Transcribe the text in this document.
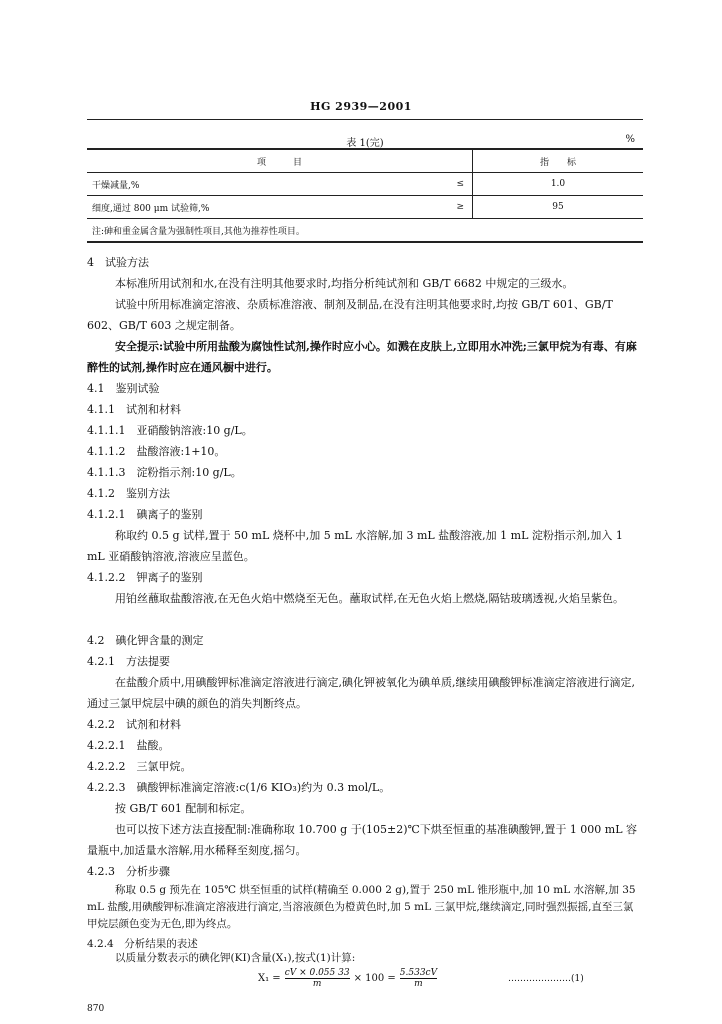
HG 2939—2001
表 1(完)	%
项　　　目		指　　标
干燥减量,%	≤	1.0
细度,通过 800 μm 试验筛,%	≥	95
注:砷和重金属含量为强制性项目,其他为推荐性项目。		
4　试验方法
本标准所用试剂和水,在没有注明其他要求时,均指分析纯试剂和 GB/T 6682 中规定的三级水。
试验中所用标准滴定溶液、杂质标准溶液、制剂及制品,在没有注明其他要求时,均按 GB/T 601、GB/T 602、GB/T 603 之规定制备。
安全提示:试验中所用盐酸为腐蚀性试剂,操作时应小心。如溅在皮肤上,立即用水冲洗;三氯甲烷为有毒、有麻醉性的试剂,操作时应在通风橱中进行。
4.1　鉴别试验
4.1.1　试剂和材料
4.1.1.1　亚硝酸钠溶液:10 g/L。
4.1.1.2　盐酸溶液:1+10。
4.1.1.3　淀粉指示剂:10 g/L。
4.1.2　鉴别方法
4.1.2.1　碘离子的鉴别
称取约 0.5 g 试样,置于 50 mL 烧杯中,加 5 mL 水溶解,加 3 mL 盐酸溶液,加 1 mL 淀粉指示剂,加入 1 mL 亚硝酸钠溶液,溶液应呈蓝色。
4.1.2.2　钾离子的鉴别
用铂丝蘸取盐酸溶液,在无色火焰中燃烧至无色。蘸取试样,在无色火焰上燃烧,隔钴玻璃透视,火焰呈紫色。
4.2　碘化钾含量的测定
4.2.1　方法提要
在盐酸介质中,用碘酸钾标准滴定溶液进行滴定,碘化钾被氧化为碘单质,继续用碘酸钾标准滴定溶液进行滴定,通过三氯甲烷层中碘的颜色的消失判断终点。
4.2.2　试剂和材料
4.2.2.1　盐酸。
4.2.2.2　三氯甲烷。
4.2.2.3　碘酸钾标准滴定溶液:c(1/6 KIO₃)约为 0.3 mol/L。
按 GB/T 601 配制和标定。
也可以按下述方法直接配制:准确称取 10.700 g 于(105±2)℃下烘至恒重的基准碘酸钾,置于 1 000 mL 容量瓶中,加适量水溶解,用水稀释至刻度,摇匀。
4.2.3　分析步骤
称取 0.5 g 预先在 105℃ 烘至恒重的试样(精确至 0.000 2 g),置于 250 mL 锥形瓶中,加 10 mL 水溶解,加 35 mL 盐酸,用碘酸钾标准滴定溶液进行滴定,当溶液颜色为橙黄色时,加 5 mL 三氯甲烷,继续滴定,同时强烈振摇,直至三氯甲烷层颜色变为无色,即为终点。
4.2.4　分析结果的表述
以质量分数表示的碘化钾(KI)含量(X₁),按式(1)计算:
$X_1 = \frac{cV \times 0.055 33}{m} \times 100 = \frac{5.533cV}{m}$	…………………(1)
870
